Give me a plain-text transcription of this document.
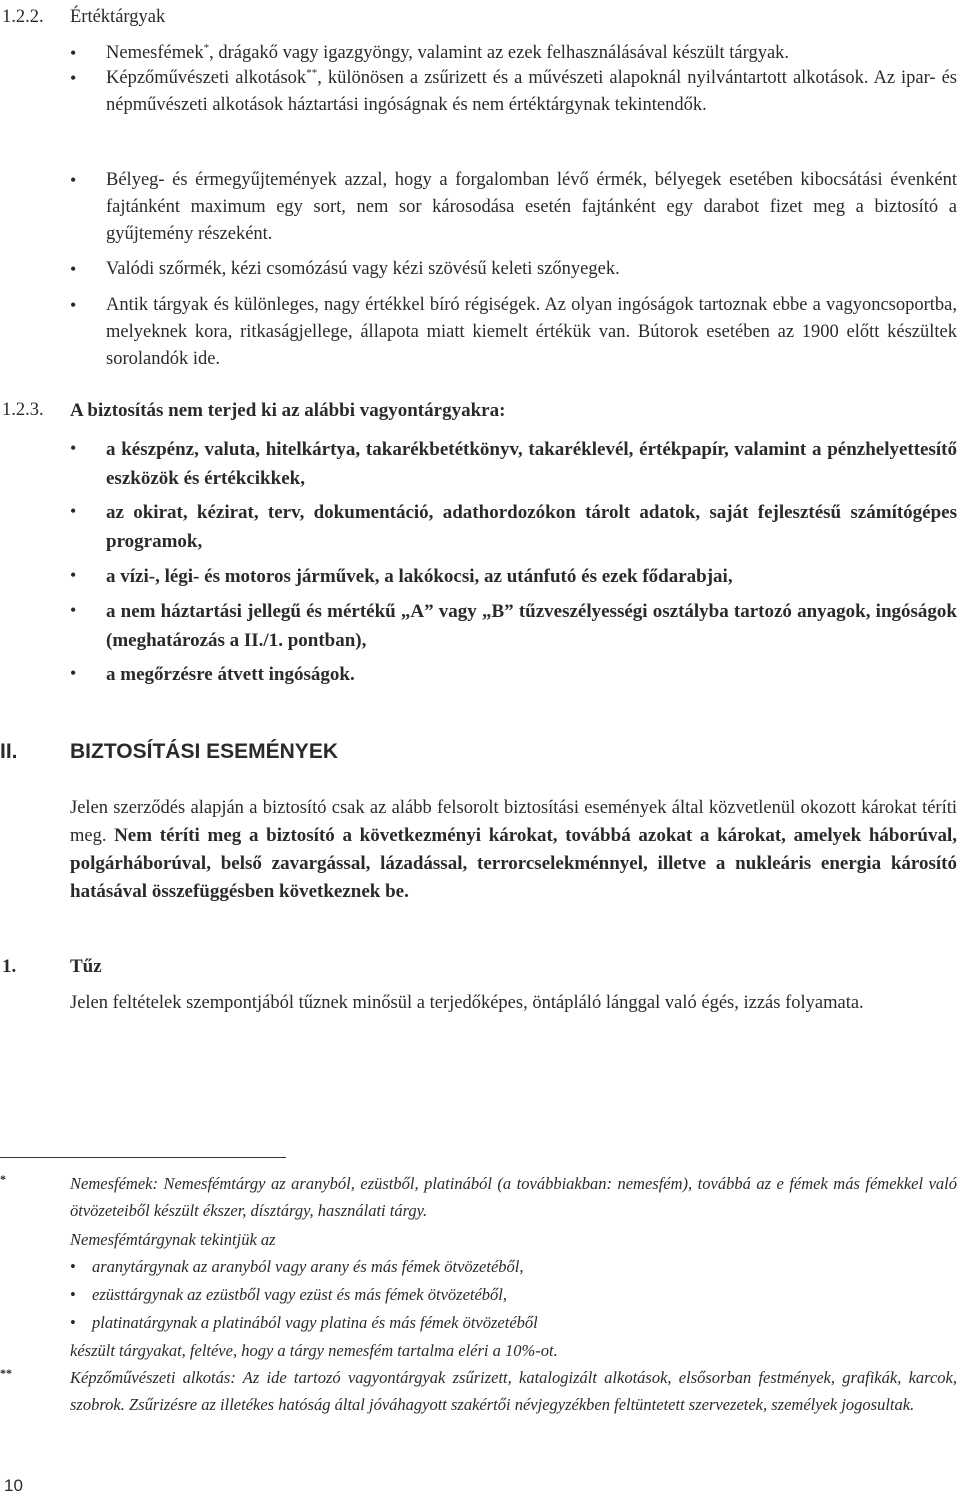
1.2.2. Értéktárgyak
•	Nemesfémek*, drágakő vagy igazgyöngy, valamint az ezek felhasználásával készült tárgyak.
•	Képzőművészeti alkotások**, különösen a zsűrizett és a művészeti alapoknál nyilvántartott alkotások. Az ipar- és népművészeti alkotások háztartási ingóságnak és nem értéktárgynak tekintendők.
•	Bélyeg- és érmegyűjtemények azzal, hogy a forgalomban lévő érmék, bélyegek esetében kibocsátási évenként fajtánként maximum egy sort, nem sor károsodása esetén fajtánként egy darabot fizet meg a biztosító a gyűjtemény részeként.
•	Valódi szőrmék, kézi csomózású vagy kézi szövésű keleti szőnyegek.
•	Antik tárgyak és különleges, nagy értékkel bíró régiségek. Az olyan ingóságok tartoznak ebbe a vagyoncsoportba, melyeknek kora, ritkaságjellege, állapota miatt kiemelt értékük van. Bútorok esetében az 1900 előtt készültek sorolandók ide.
1.2.3. A biztosítás nem terjed ki az alábbi vagyontárgyakra:
•	a készpénz, valuta, hitelkártya, takarékbetétkönyv, takaréklevél, értékpapír, valamint a pénzhelyettesítő eszközök és értékcikkek,
•	az okirat, kézirat, terv, dokumentáció, adathordozókon tárolt adatok, saját fejlesztésű számítógépes programok,
•	a vízi-, légi- és motoros járművek, a lakókocsi, az utánfutó és ezek fődarabjai,
•	a nem háztartási jellegű és mértékű „A” vagy „B” tűzveszélyességi osztályba tartozó anyagok, ingóságok (meghatározás a II./1. pontban),
•	a megőrzésre átvett ingóságok.
II. BIZTOSÍTÁSI ESEMÉNYEK
Jelen szerződés alapján a biztosító csak az alább felsorolt biztosítási események által közvetlenül okozott károkat téríti meg. Nem téríti meg a biztosító a következményi károkat, továbbá azokat a károkat, amelyek háborúval, polgárháborúval, belső zavargással, lázadással, terrorcselekménnyel, illetve a nukleáris energia károsító hatásával összefüggésben következnek be.
1.	Tűz
Jelen feltételek szempontjából tűznek minősül a terjedőképes, öntápláló lánggal való égés, izzás folyamata.
*	Nemesfémek: Nemesfémtárgy az aranyból, ezüstből, platinából (a továbbiakban: nemesfém), továbbá az e fémek más fémekkel való ötvözeteiből készült ékszer, dísztárgy, használati tárgy.
Nemesfémtárgynak tekintjük az
• aranytárgynak az aranyból vagy arany és más fémek ötvözetéből,
• ezüsttárgynak az ezüstből vagy ezüst és más fémek ötvözetéből,
• platinatárgynak a platinából vagy platina és más fémek ötvözetéből
készült tárgyakat, feltéve, hogy a tárgy nemesfém tartalma eléri a 10%-ot.
**	Képzőművészeti alkotás: Az ide tartozó vagyontárgyak zsűrizett, katalogizált alkotások, elsősorban festmények, grafikák, karcok, szobrok. Zsűrizésre az illetékes hatóság által jóváhagyott szakértői névjegyzékben feltüntetett szervezetek, személyek jogosultak.
10
